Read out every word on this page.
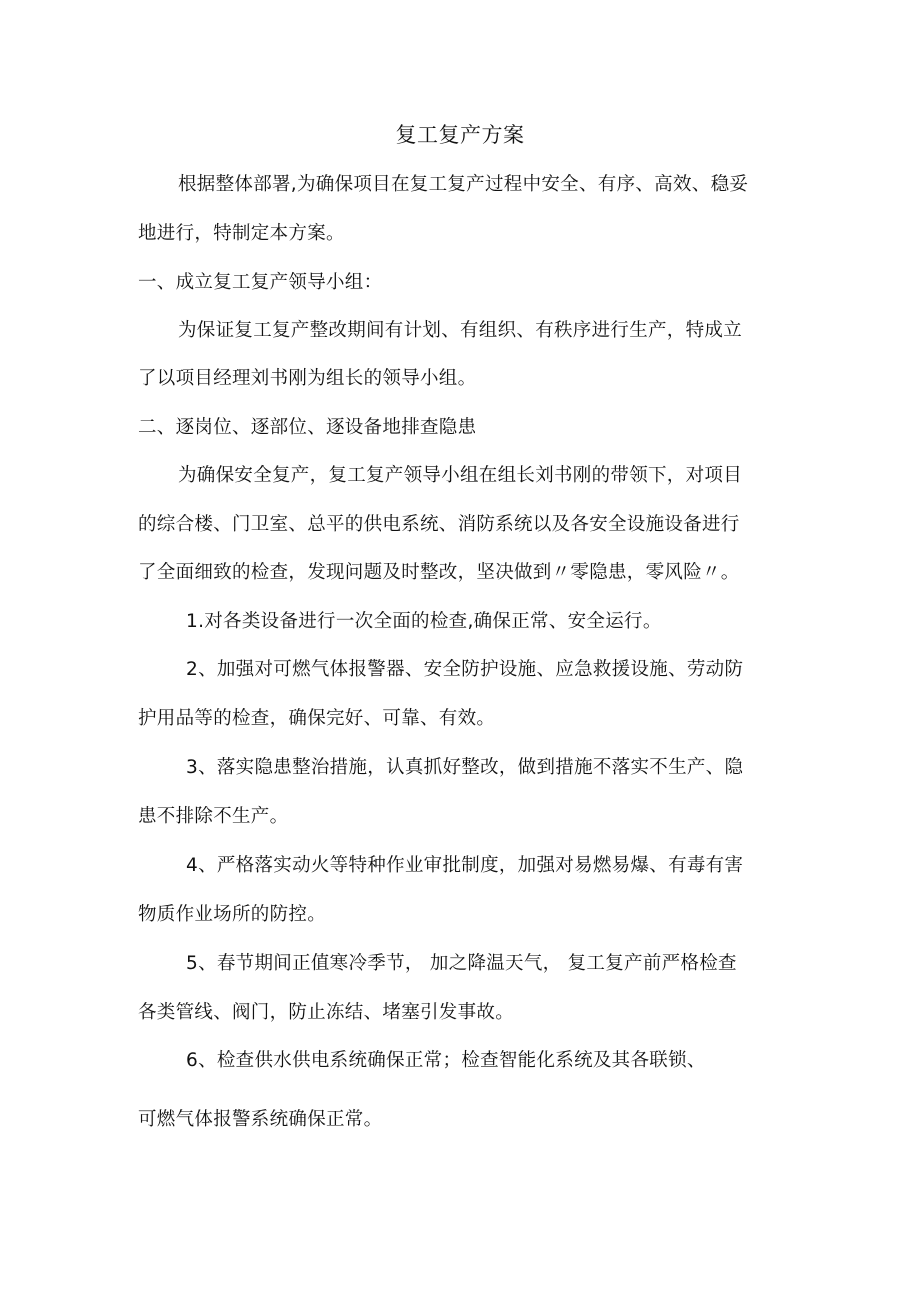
复工复产方案
根据整体部署,为确保项目在复工复产过程中安全、有序、高效、稳妥
地进行，特制定本方案。
一、成立复工复产领导小组：
为保证复工复产整改期间有计划、有组织、有秩序进行生产，特成立
了以项目经理刘书刚为组长的领导小组。
二、逐岗位、逐部位、逐设备地排查隐患
为确保安全复产，复工复产领导小组在组长刘书刚的带领下，对项目
的综合楼、门卫室、总平的供电系统、消防系统以及各安全设施设备进行
了全面细致的检查，发现问题及时整改，坚决做到〃零隐患，零风险〃。
1.对各类设备进行一次全面的检查,确保正常、安全运行。
2、加强对可燃气体报警器、安全防护设施、应急救援设施、劳动防
护用品等的检查，确保完好、可靠、有效。
3、落实隐患整治措施，认真抓好整改，做到措施不落实不生产、隐
患不排除不生产。
4、严格落实动火等特种作业审批制度，加强对易燃易爆、有毒有害
物质作业场所的防控。
5、春节期间正值寒冷季节， 加之降温天气， 复工复产前严格检查
各类管线、阀门，防止冻结、堵塞引发事故。
6、检查供水供电系统确保正常；检查智能化系统及其各联锁、
可燃气体报警系统确保正常。
